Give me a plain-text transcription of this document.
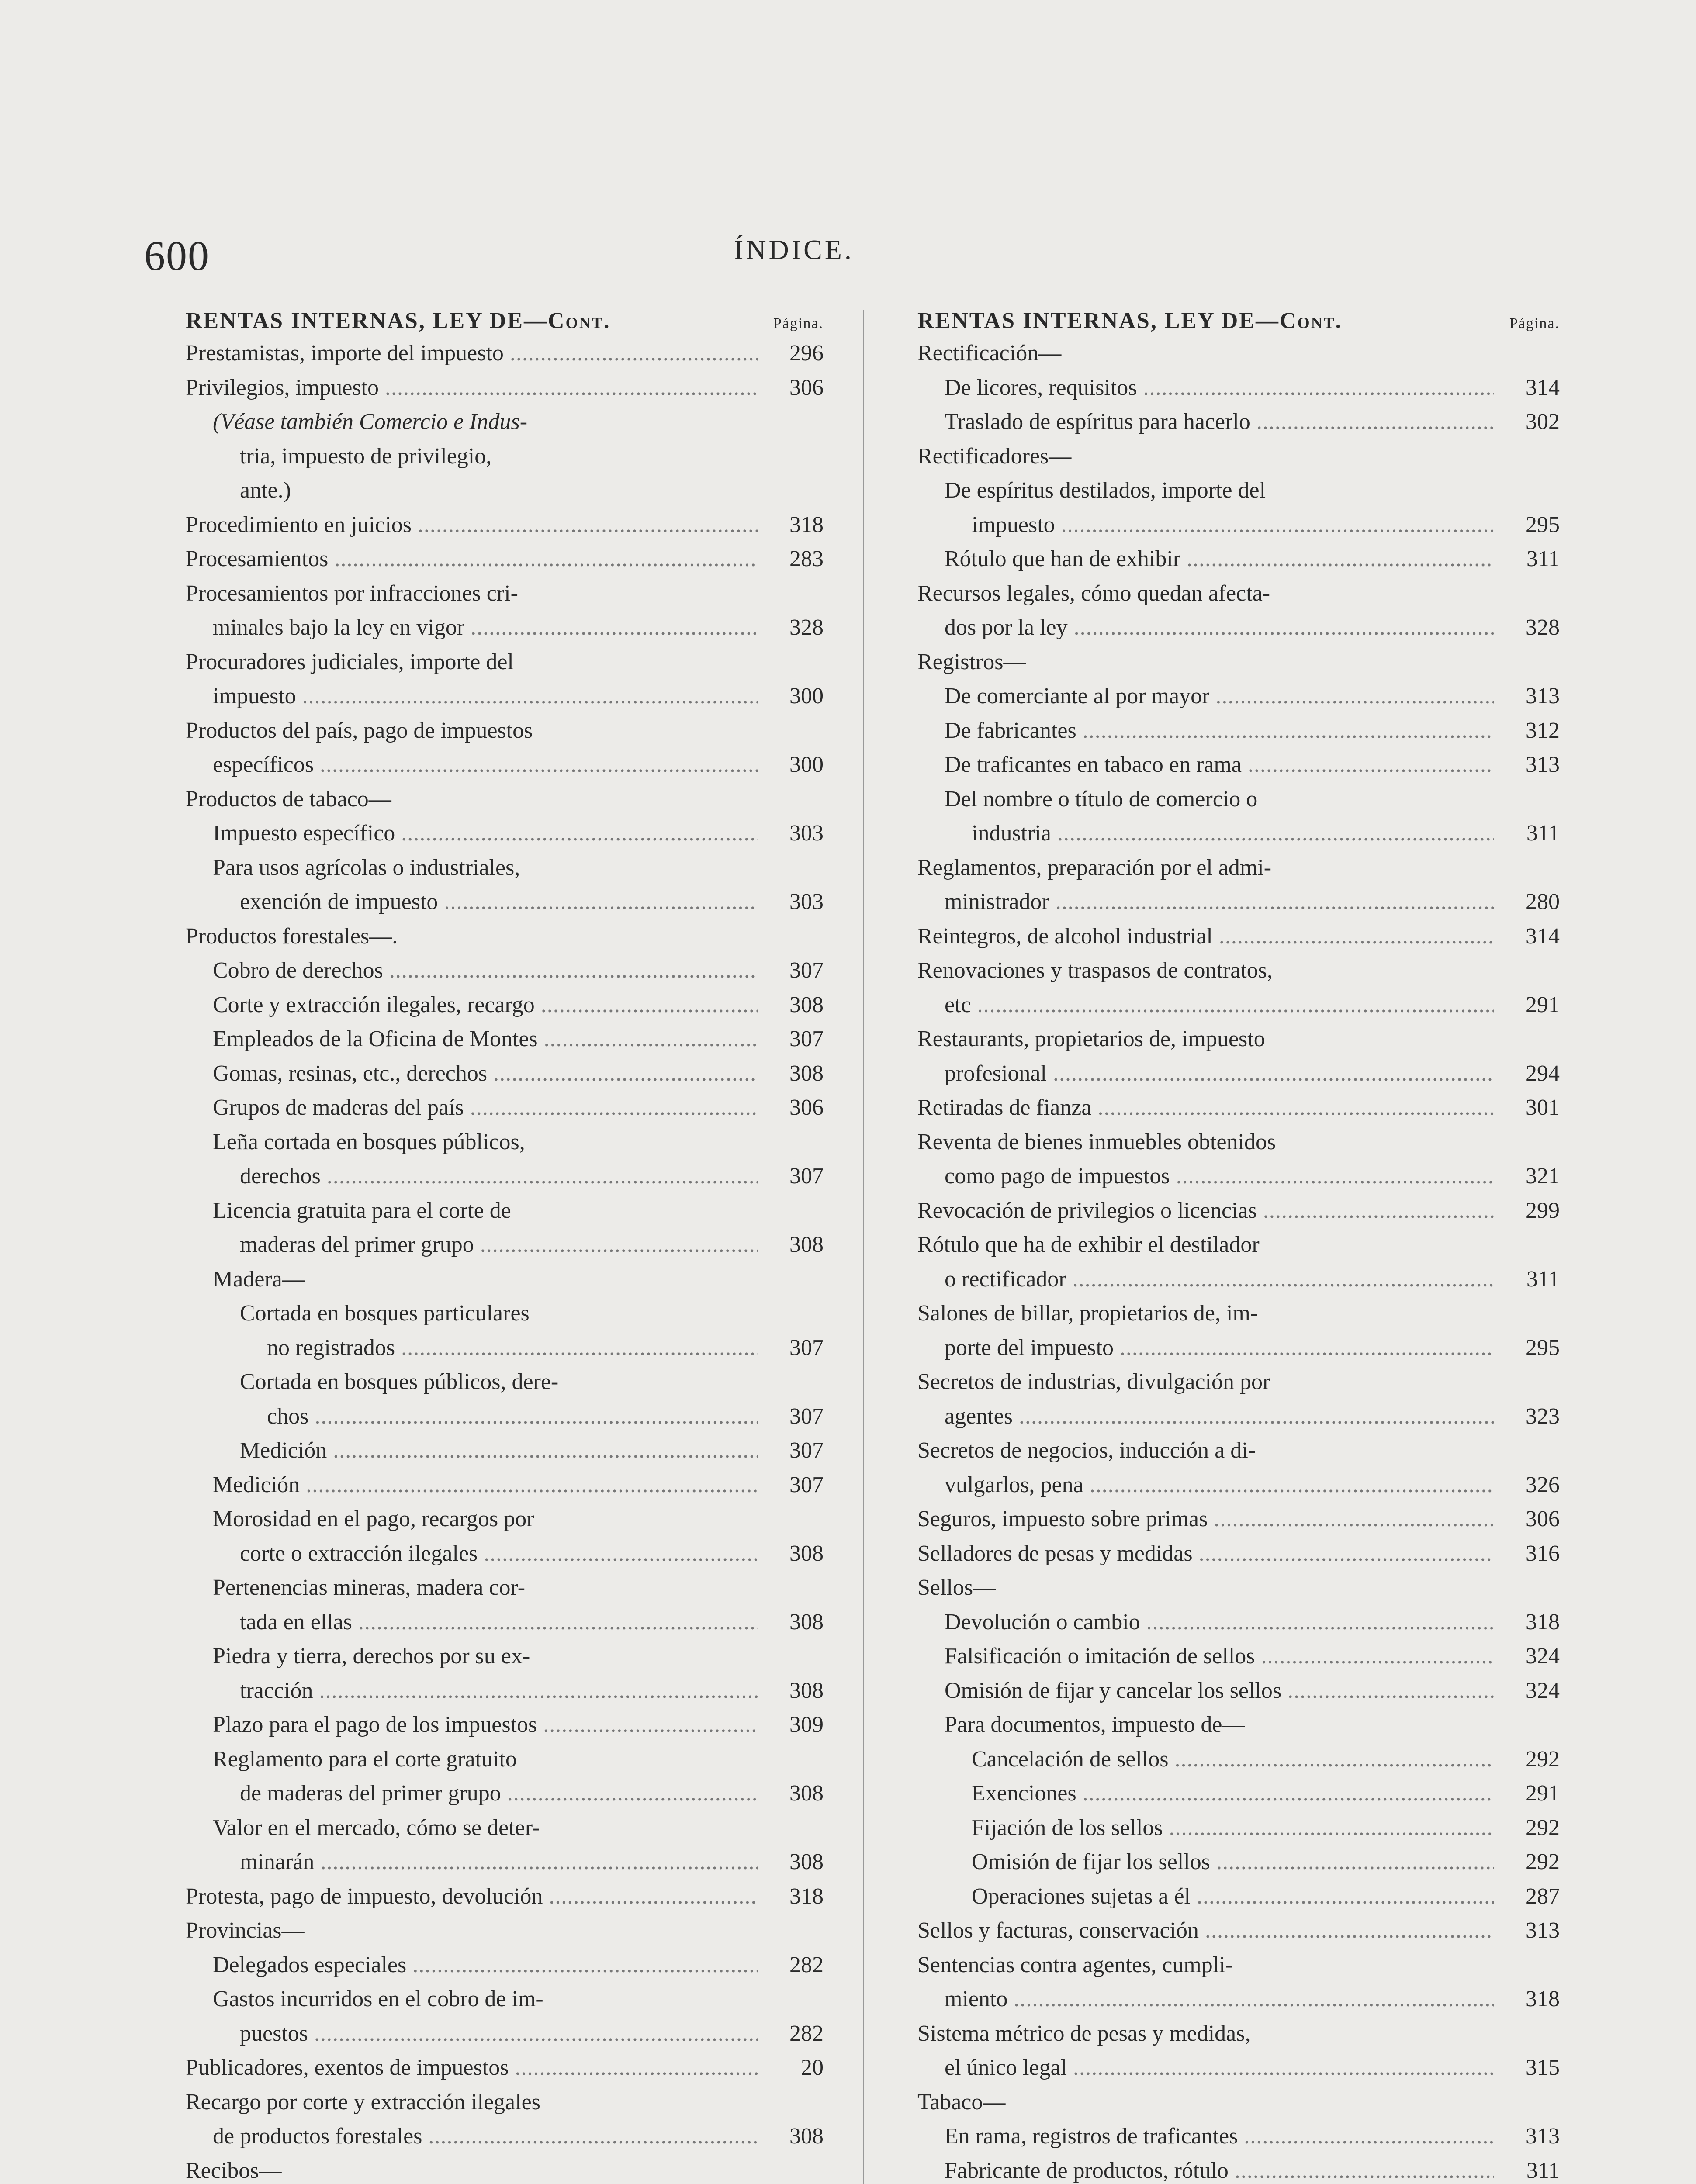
600	ÍNDICE.
RENTAS INTERNAS, LEY DE—Cont.	Página.
Prestamistas, importe del impuesto .....	296
Privilegios, impuesto .....	306
(Véase también Comercio e Indus-
tria, impuesto de privilegio,
ante.)
Procedimiento en juicios .....	318
Procesamientos .....	283
Procesamientos por infracciones cri-
minales bajo la ley en vigor .....	328
Procuradores judiciales, importe del
impuesto .....	300
Productos del país, pago de impuestos
específicos .....	300
Productos de tabaco—
Impuesto específico .....	303
Para usos agrícolas o industriales,
exención de impuesto .....	303
Productos forestales—.
Cobro de derechos .....	307
Corte y extracción ilegales, recargo .....	308
Empleados de la Oficina de Montes .....	307
Gomas, resinas, etc., derechos .....	308
Grupos de maderas del país .....	306
Leña cortada en bosques públicos,
derechos .....	307
Licencia gratuita para el corte de
maderas del primer grupo .....	308
Madera—
Cortada en bosques particulares
no registrados .....	307
Cortada en bosques públicos, dere-
chos .....	307
Medición .....	307
Medición .....	307
Morosidad en el pago, recargos por
corte o extracción ilegales .....	308
Pertenencias mineras, madera cor-
tada en ellas .....	308
Piedra y tierra, derechos por su ex-
tracción .....	308
Plazo para el pago de los impuestos .....	309
Reglamento para el corte gratuito
de maderas del primer grupo .....	308
Valor en el mercado, cómo se deter-
minarán .....	308
Protesta, pago de impuesto, devolución .....	318
Provincias—
Delegados especiales .....	282
Gastos incurridos en el cobro de im-
puestos .....	282
Publicadores, exentos de impuestos .....	20
Recargo por corte y extracción ilegales
de productos forestales .....	308
Recibos—
RENTAS INTERNAS, LEY DE—Cont.	Página.
Rectificación—
De licores, requisitos .....	314
Traslado de espíritus para hacerlo .....	302
Rectificadores—
De espíritus destilados, importe del
impuesto .....	295
Rótulo que han de exhibir .....	311
Recursos legales, cómo quedan afecta-
dos por la ley .....	328
Registros—
De comerciante al por mayor .....	313
De fabricantes .....	312
De traficantes en tabaco en rama .....	313
Del nombre o título de comercio o
industria .....	311
Reglamentos, preparación por el admi-
ministrador .....	280
Reintegros, de alcohol industrial .....	314
Renovaciones y traspasos de contratos,
etc .....	291
Restaurants, propietarios de, impuesto
profesional .....	294
Retiradas de fianza .....	301
Reventa de bienes inmuebles obtenidos
como pago de impuestos .....	321
Revocación de privilegios o licencias .....	299
Rótulo que ha de exhibir el destilador
o rectificador .....	311
Salones de billar, propietarios de, im-
porte del impuesto .....	295
Secretos de industrias, divulgación por
agentes .....	323
Secretos de negocios, inducción a di-
vulgarlos, pena .....	326
Seguros, impuesto sobre primas .....	306
Selladores de pesas y medidas .....	316
Sellos—
Devolución o cambio .....	318
Falsificación o imitación de sellos .....	324
Omisión de fijar y cancelar los sellos .....	324
Para documentos, impuesto de—
Cancelación de sellos .....	292
Exenciones .....	291
Fijación de los sellos .....	292
Omisión de fijar los sellos .....	292
Operaciones sujetas a él .....	287
Sellos y facturas, conservación .....	313
Sentencias contra agentes, cumpli-
miento .....	318
Sistema métrico de pesas y medidas,
el único legal .....	315
Tabaco—
En rama, registros de traficantes .....	313
Fabricante de productos, rótulo .....	311
